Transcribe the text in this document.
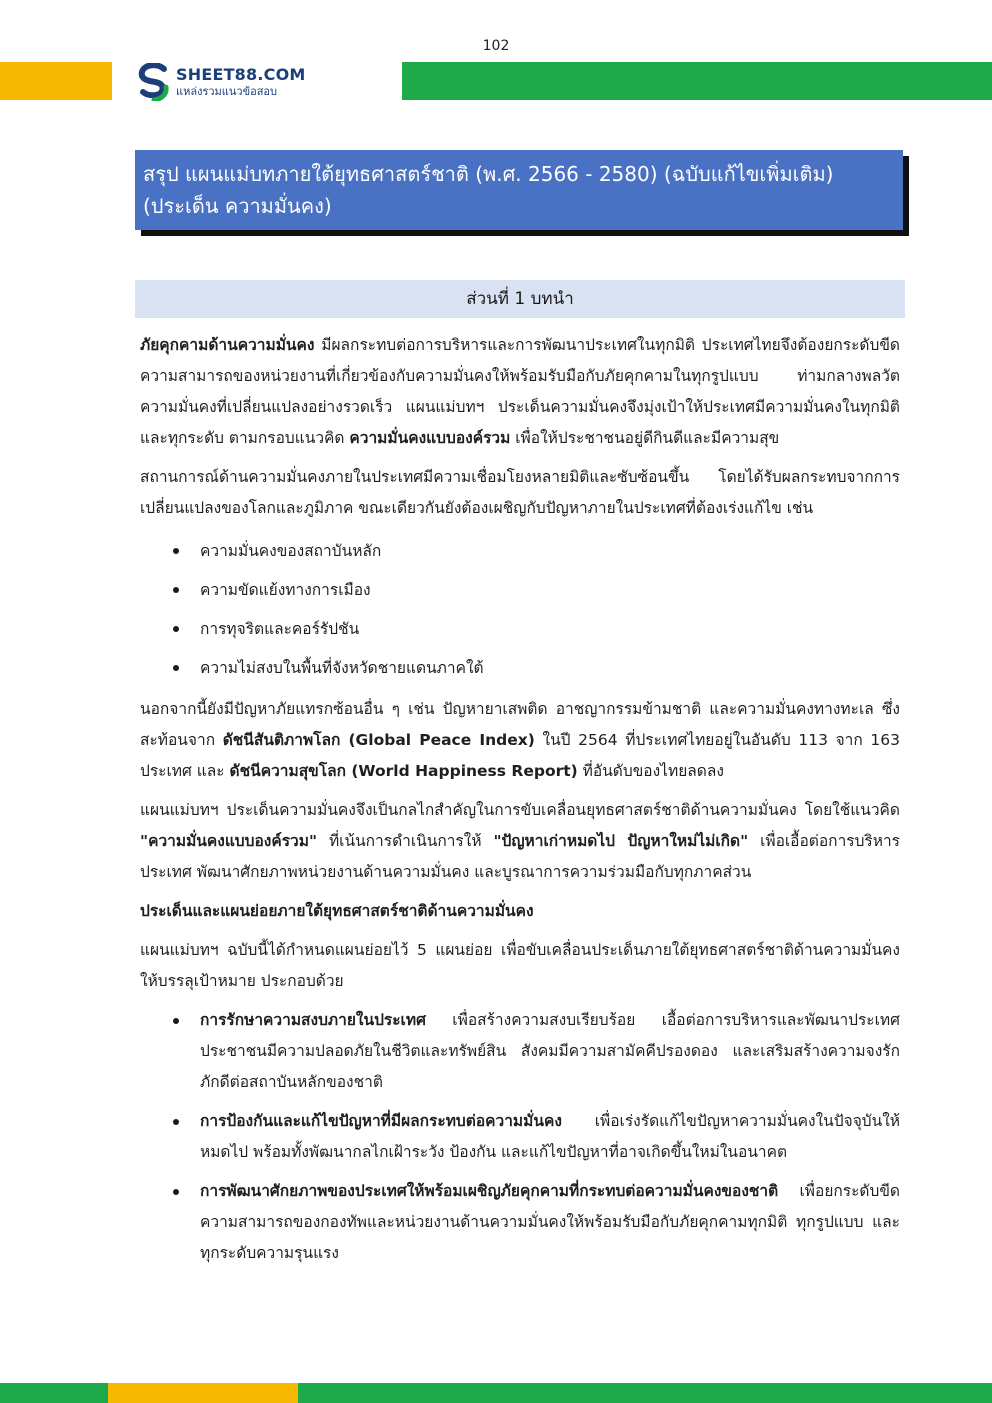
102
SHEET88.COM
แหล่งรวมแนวข้อสอบ
สรุป แผนแม่บทภายใต้ยุทธศาสตร์ชาติ (พ.ศ. 2566 - 2580) (ฉบับแก้ไขเพิ่มเติม)
(ประเด็น ความมั่นคง)
ส่วนที่ 1 บทนำ

ภัยคุกคามด้านความมั่นคง มีผลกระทบต่อการบริหารและการพัฒนาประเทศในทุกมิติ ประเทศไทยจึงต้องยกระดับขีดความสามารถของหน่วยงานที่เกี่ยวข้องกับความมั่นคงให้พร้อมรับมือกับภัยคุกคามในทุกรูปแบบ ท่ามกลางพลวัตความมั่นคงที่เปลี่ยนแปลงอย่างรวดเร็ว แผนแม่บทฯ ประเด็นความมั่นคงจึงมุ่งเป้าให้ประเทศมีความมั่นคงในทุกมิติและทุกระดับ ตามกรอบแนวคิด ความมั่นคงแบบองค์รวม เพื่อให้ประชาชนอยู่ดีกินดีและมีความสุข

สถานการณ์ด้านความมั่นคงภายในประเทศมีความเชื่อมโยงหลายมิติและซับซ้อนขึ้น โดยได้รับผลกระทบจากการเปลี่ยนแปลงของโลกและภูมิภาค ขณะเดียวกันยังต้องเผชิญกับปัญหาภายในประเทศที่ต้องเร่งแก้ไข เช่น

ความมั่นคงของสถาบันหลัก
ความขัดแย้งทางการเมือง
การทุจริตและคอร์รัปชัน
ความไม่สงบในพื้นที่จังหวัดชายแดนภาคใต้

นอกจากนี้ยังมีปัญหาภัยแทรกซ้อนอื่น ๆ เช่น ปัญหายาเสพติด อาชญากรรมข้ามชาติ และความมั่นคงทางทะเล ซึ่งสะท้อนจาก ดัชนีสันติภาพโลก (Global Peace Index) ในปี 2564 ที่ประเทศไทยอยู่ในอันดับ 113 จาก 163 ประเทศ และ ดัชนีความสุขโลก (World Happiness Report) ที่อันดับของไทยลดลง

แผนแม่บทฯ ประเด็นความมั่นคงจึงเป็นกลไกสำคัญในการขับเคลื่อนยุทธศาสตร์ชาติด้านความมั่นคง โดยใช้แนวคิด "ความมั่นคงแบบองค์รวม" ที่เน้นการดำเนินการให้ "ปัญหาเก่าหมดไป ปัญหาใหม่ไม่เกิด" เพื่อเอื้อต่อการบริหารประเทศ พัฒนาศักยภาพหน่วยงานด้านความมั่นคง และบูรณาการความร่วมมือกับทุกภาคส่วน

ประเด็นและแผนย่อยภายใต้ยุทธศาสตร์ชาติด้านความมั่นคง

แผนแม่บทฯ ฉบับนี้ได้กำหนดแผนย่อยไว้ 5 แผนย่อย เพื่อขับเคลื่อนประเด็นภายใต้ยุทธศาสตร์ชาติด้านความมั่นคงให้บรรลุเป้าหมาย ประกอบด้วย

การรักษาความสงบภายในประเทศ เพื่อสร้างความสงบเรียบร้อย เอื้อต่อการบริหารและพัฒนาประเทศ ประชาชนมีความปลอดภัยในชีวิตและทรัพย์สิน สังคมมีความสามัคคีปรองดอง และเสริมสร้างความจงรักภักดีต่อสถาบันหลักของชาติ
การป้องกันและแก้ไขปัญหาที่มีผลกระทบต่อความมั่นคง เพื่อเร่งรัดแก้ไขปัญหาความมั่นคงในปัจจุบันให้หมดไป พร้อมทั้งพัฒนากลไกเฝ้าระวัง ป้องกัน และแก้ไขปัญหาที่อาจเกิดขึ้นใหม่ในอนาคต
การพัฒนาศักยภาพของประเทศให้พร้อมเผชิญภัยคุกคามที่กระทบต่อความมั่นคงของชาติ เพื่อยกระดับขีดความสามารถของกองทัพและหน่วยงานด้านความมั่นคงให้พร้อมรับมือกับภัยคุกคามทุกมิติ ทุกรูปแบบ และทุกระดับความรุนแรง
